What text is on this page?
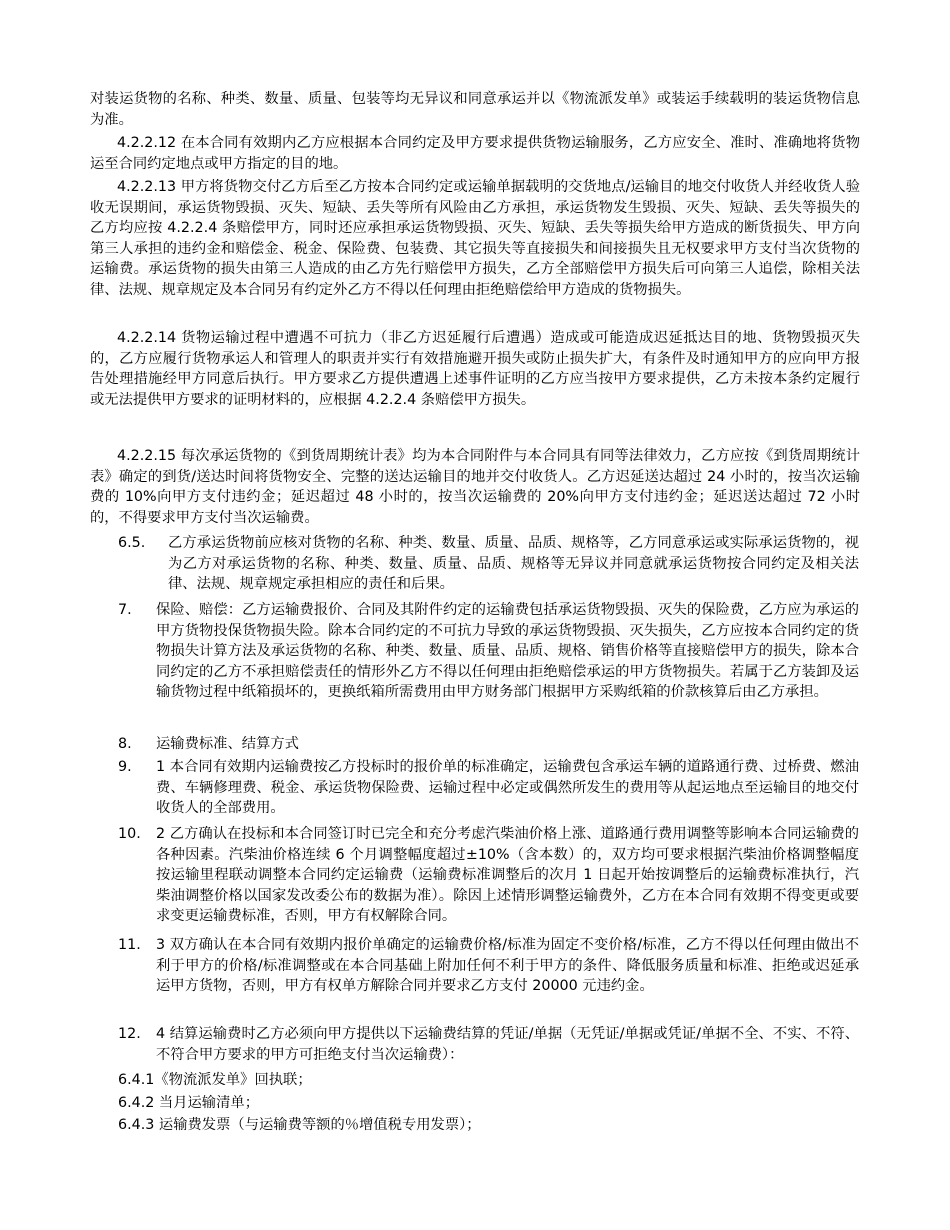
对装运货物的名称、种类、数量、质量、包装等均无异议和同意承运并以《物流派发单》或装运手续载明的装运货物信息为准。

4.2.2.12 在本合同有效期内乙方应根据本合同约定及甲方要求提供货物运输服务，乙方应安全、准时、准确地将货物运至合同约定地点或甲方指定的目的地。

4.2.2.13 甲方将货物交付乙方后至乙方按本合同约定或运输单据载明的交货地点/运输目的地交付收货人并经收货人验收无误期间，承运货物毁损、灭失、短缺、丢失等所有风险由乙方承担，承运货物发生毁损、灭失、短缺、丢失等损失的乙方均应按 4.2.2.4 条赔偿甲方，同时还应承担承运货物毁损、灭失、短缺、丢失等损失给甲方造成的断货损失、甲方向第三人承担的违约金和赔偿金、税金、保险费、包装费、其它损失等直接损失和间接损失且无权要求甲方支付当次货物的运输费。承运货物的损失由第三人造成的由乙方先行赔偿甲方损失，乙方全部赔偿甲方损失后可向第三人追偿，除相关法律、法规、规章规定及本合同另有约定外乙方不得以任何理由拒绝赔偿给甲方造成的货物损失。

4.2.2.14 货物运输过程中遭遇不可抗力（非乙方迟延履行后遭遇）造成或可能造成迟延抵达目的地、货物毁损灭失的，乙方应履行货物承运人和管理人的职责并实行有效措施避开损失或防止损失扩大，有条件及时通知甲方的应向甲方报告处理措施经甲方同意后执行。甲方要求乙方提供遭遇上述事件证明的乙方应当按甲方要求提供，乙方未按本条约定履行或无法提供甲方要求的证明材料的，应根据 4.2.2.4 条赔偿甲方损失。

4.2.2.15 每次承运货物的《到货周期统计表》均为本合同附件与本合同具有同等法律效力，乙方应按《到货周期统计表》确定的到货/送达时间将货物安全、完整的送达运输目的地并交付收货人。乙方迟延送达超过 24 小时的，按当次运输费的 10%向甲方支付违约金；延迟超过 48 小时的，按当次运输费的 20%向甲方支付违约金；延迟送达超过 72 小时的，不得要求甲方支付当次运输费。

6.5. 乙方承运货物前应核对货物的名称、种类、数量、质量、品质、规格等，乙方同意承运或实际承运货物的，视为乙方对承运货物的名称、种类、数量、质量、品质、规格等无异议并同意就承运货物按合同约定及相关法律、法规、规章规定承担相应的责任和后果。
7. 保险、赔偿：乙方运输费报价、合同及其附件约定的运输费包括承运货物毁损、灭失的保险费，乙方应为承运的甲方货物投保货物损失险。除本合同约定的不可抗力导致的承运货物毁损、灭失损失，乙方应按本合同约定的货物损失计算方法及承运货物的名称、种类、数量、质量、品质、规格、销售价格等直接赔偿甲方的损失，除本合同约定的乙方不承担赔偿责任的情形外乙方不得以任何理由拒绝赔偿承运的甲方货物损失。若属于乙方装卸及运输货物过程中纸箱损坏的，更换纸箱所需费用由甲方财务部门根据甲方采购纸箱的价款核算后由乙方承担。
8. 运输费标准、结算方式
9. 1 本合同有效期内运输费按乙方投标时的报价单的标准确定，运输费包含承运车辆的道路通行费、过桥费、燃油费、车辆修理费、税金、承运货物保险费、运输过程中必定或偶然所发生的费用等从起运地点至运输目的地交付收货人的全部费用。
10. 2 乙方确认在投标和本合同签订时已完全和充分考虑汽柴油价格上涨、道路通行费用调整等影响本合同运输费的各种因素。汽柴油价格连续 6 个月调整幅度超过±10%（含本数）的，双方均可要求根据汽柴油价格调整幅度按运输里程联动调整本合同约定运输费（运输费标准调整后的次月 1 日起开始按调整后的运输费标准执行，汽柴油调整价格以国家发改委公布的数据为准）。除因上述情形调整运输费外，乙方在本合同有效期不得变更或要求变更运输费标准，否则，甲方有权解除合同。
11. 3 双方确认在本合同有效期内报价单确定的运输费价格/标准为固定不变价格/标准，乙方不得以任何理由做出不利于甲方的价格/标准调整或在本合同基础上附加任何不利于甲方的条件、降低服务质量和标准、拒绝或迟延承运甲方货物，否则，甲方有权单方解除合同并要求乙方支付 20000 元违约金。
12. 4 结算运输费时乙方必须向甲方提供以下运输费结算的凭证/单据（无凭证/单据或凭证/单据不全、不实、不符、不符合甲方要求的甲方可拒绝支付当次运输费）：
6.4.1《物流派发单》回执联；
6.4.2 当月运输清单；
6.4.3 运输费发票（与运输费等额的％增值税专用发票）；
